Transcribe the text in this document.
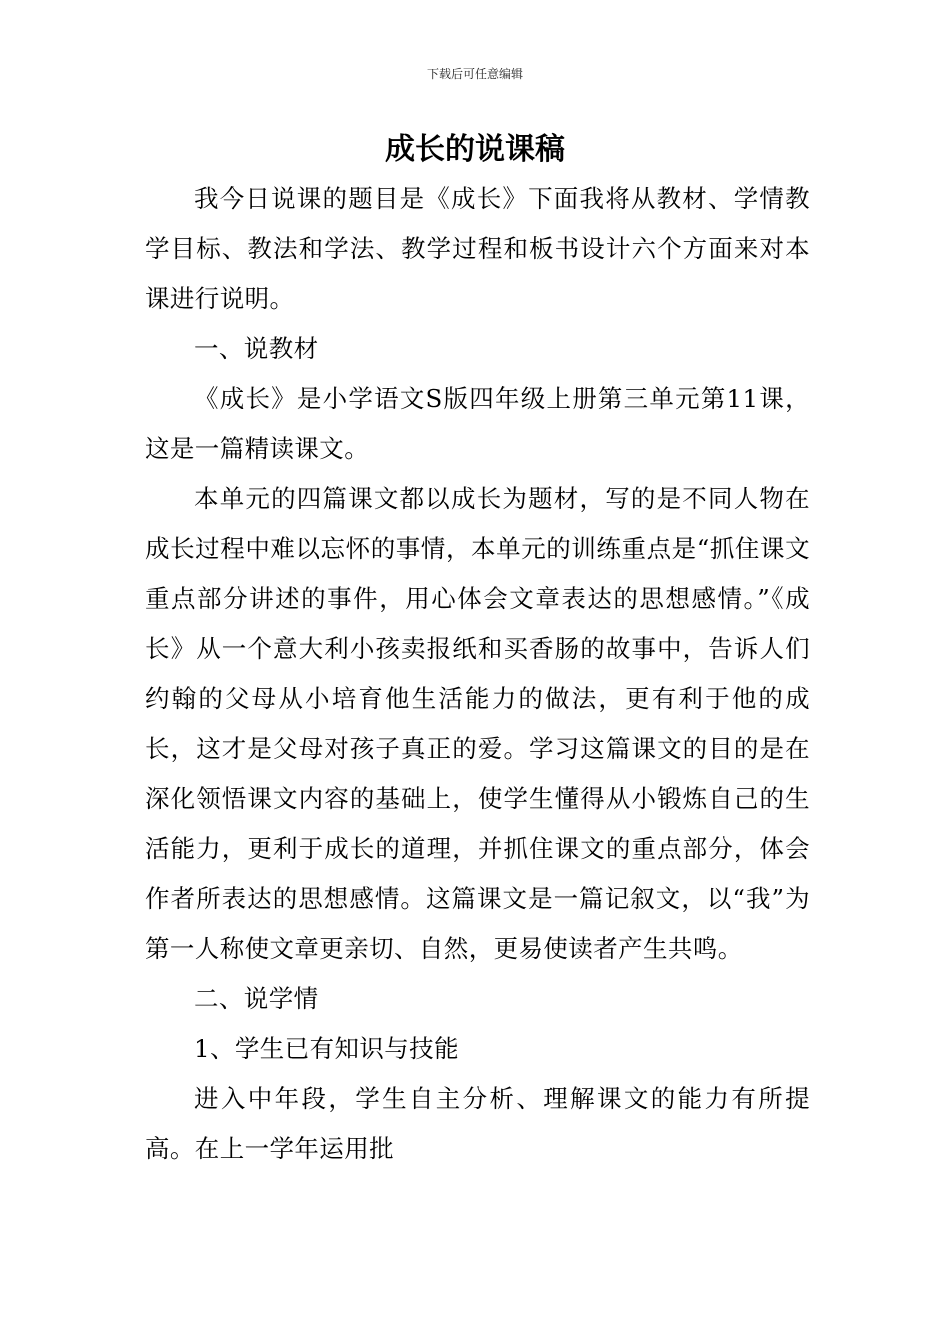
下载后可任意编辑
成长的说课稿

我今日说课的题目是《成长》下面我将从教材、学情教学目标、教法和学法、教学过程和板书设计六个方面来对本课进行说明。

一、说教材

《成长》是小学语文S版四年级上册第三单元第11课，这是一篇精读课文。

本单元的四篇课文都以成长为题材，写的是不同人物在成长过程中难以忘怀的事情，本单元的训练重点是“抓住课文重点部分讲述的事件，用心体会文章表达的思想感情。”《成长》从一个意大利小孩卖报纸和买香肠的故事中，告诉人们约翰的父母从小培育他生活能力的做法，更有利于他的成长，这才是父母对孩子真正的爱。学习这篇课文的目的是在深化领悟课文内容的基础上，使学生懂得从小锻炼自己的生活能力，更利于成长的道理，并抓住课文的重点部分，体会作者所表达的思想感情。这篇课文是一篇记叙文，以“我”为第一人称使文章更亲切、自然，更易使读者产生共鸣。

二、说学情

1、学生已有知识与技能

进入中年段，学生自主分析、理解课文的能力有所提高。在上一学年运用批
